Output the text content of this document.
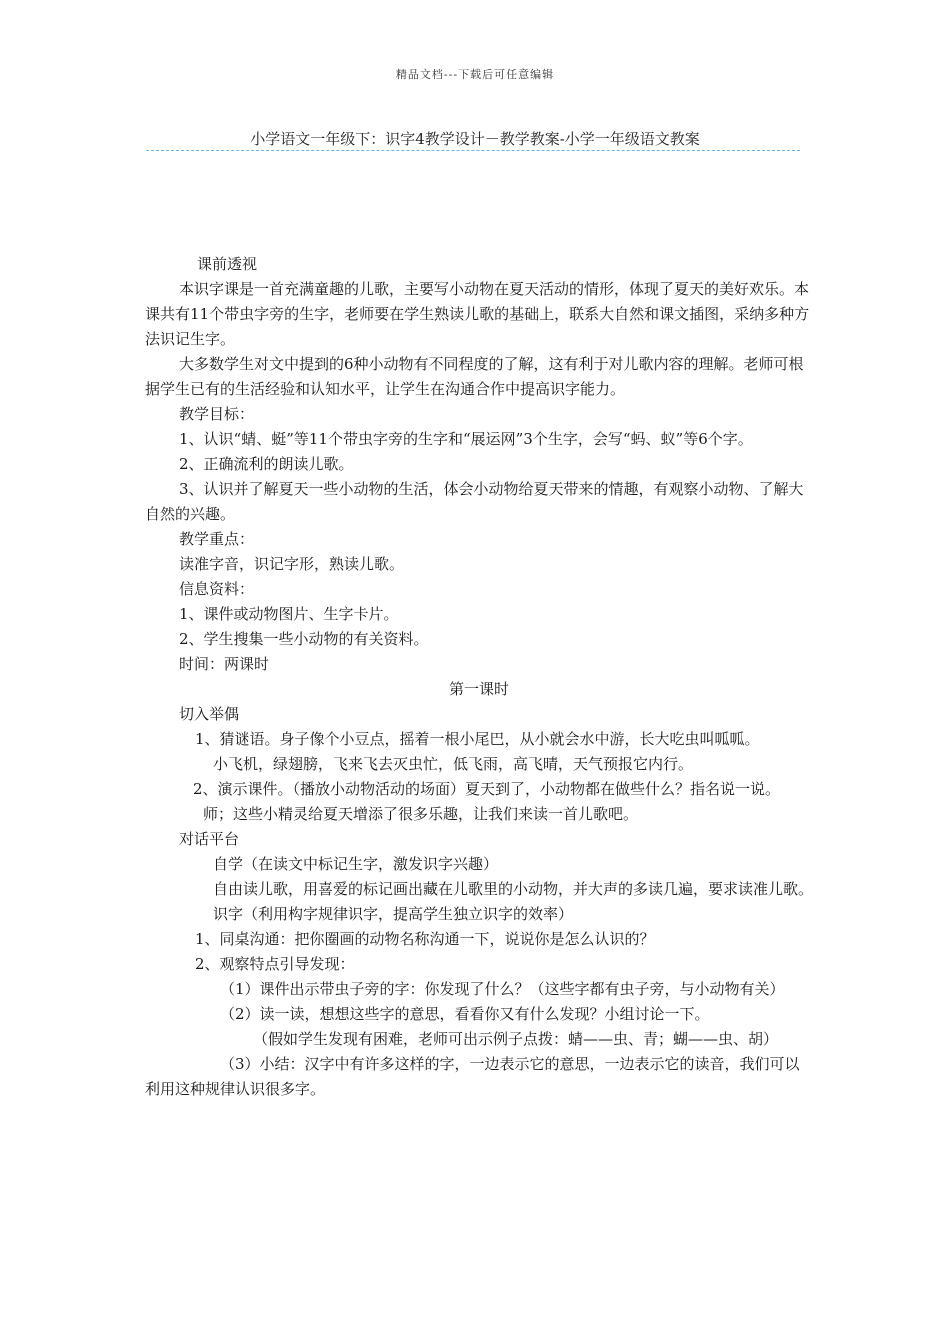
精品文档---下载后可任意编辑
小学语文一年级下：识字4教学设计－教学教案-小学一年级语文教案

课前透视

本识字课是一首充满童趣的儿歌，主要写小动物在夏天活动的情形，体现了夏天的美好欢乐。本课共有11个带虫字旁的生字，老师要在学生熟读儿歌的基础上，联系大自然和课文插图，采纳多种方法识记生字。

大多数学生对文中提到的6种小动物有不同程度的了解，这有利于对儿歌内容的理解。老师可根据学生已有的生活经验和认知水平，让学生在沟通合作中提高识字能力。

教学目标：

1、认识“蜻、蜓”等11个带虫字旁的生字和“展运网”3个生字，会写“蚂、蚁”等6个字。

2、正确流利的朗读儿歌。

3、认识并了解夏天一些小动物的生活，体会小动物给夏天带来的情趣，有观察小动物、了解大自然的兴趣。

教学重点：

读准字音，识记字形，熟读儿歌。

信息资料：

1、课件或动物图片、生字卡片。

2、学生搜集一些小动物的有关资料。

时间：两课时

第一课时

切入举偶

1、猜谜语。身子像个小豆点，摇着一根小尾巴，从小就会水中游，长大吃虫叫呱呱。

小飞机，绿翅膀，飞来飞去灭虫忙，低飞雨，高飞晴，天气预报它内行。

2、演示课件。（播放小动物活动的场面）夏天到了，小动物都在做些什么？指名说一说。

师；这些小精灵给夏天增添了很多乐趣，让我们来读一首儿歌吧。

对话平台

自学（在读文中标记生字，激发识字兴趣）

自由读儿歌，用喜爱的标记画出藏在儿歌里的小动物，并大声的多读几遍，要求读准儿歌。

识字（利用构字规律识字，提高学生独立识字的效率）

1、同桌沟通：把你圈画的动物名称沟通一下，说说你是怎么认识的？

2、观察特点引导发现：

（1）课件出示带虫子旁的字：你发现了什么？（这些字都有虫子旁，与小动物有关）

（2）读一读，想想这些字的意思，看看你又有什么发现？小组讨论一下。

（假如学生发现有困难，老师可出示例子点拨：蜻——虫、青；蝴——虫、胡）

（3）小结：汉字中有许多这样的字，一边表示它的意思，一边表示它的读音，我们可以利用这种规律认识很多字。
